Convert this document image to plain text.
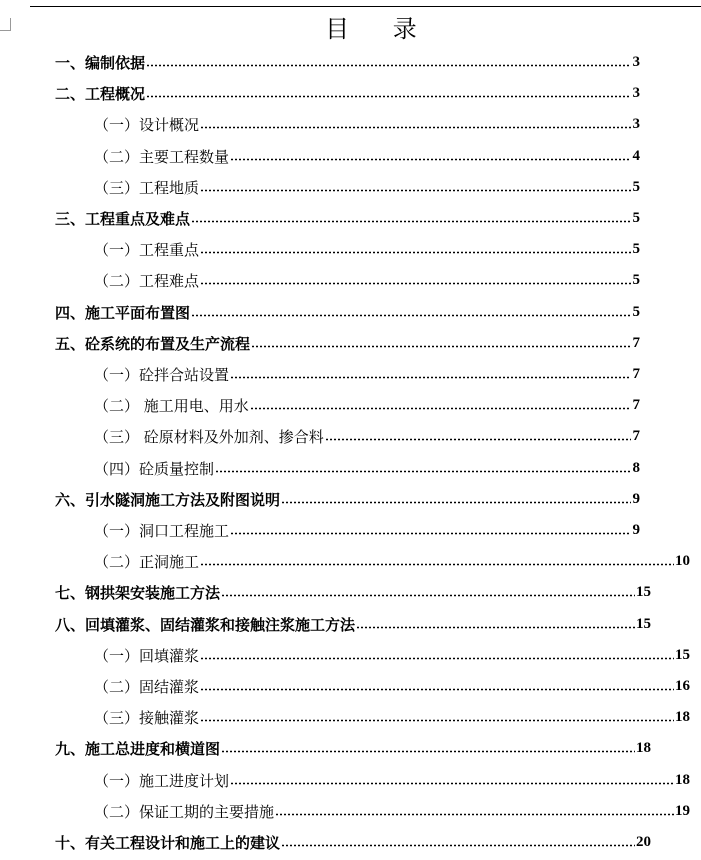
目 录
一、编制依据	3
二、工程概况	3
（一）设计概况	3
（二）主要工程数量	4
（三）工程地质	5
三、工程重点及难点	5
（一）工程重点	5
（二）工程难点	5
四、施工平面布置图	5
五、砼系统的布置及生产流程	7
（一）砼拌合站设置	7
（二） 施工用电、用水	7
（三） 砼原材料及外加剂、掺合料	7
（四）砼质量控制	8
六、引水隧洞施工方法及附图说明	9
（一）洞口工程施工	9
（二）正洞施工	10
七、钢拱架安装施工方法	15
八、回填灌浆、固结灌浆和接触注浆施工方法	15
（一）回填灌浆	15
（二）固结灌浆	16
（三）接触灌浆	18
九、施工总进度和横道图	18
（一）施工进度计划	18
（二）保证工期的主要措施	19
十、有关工程设计和施工上的建议	20
